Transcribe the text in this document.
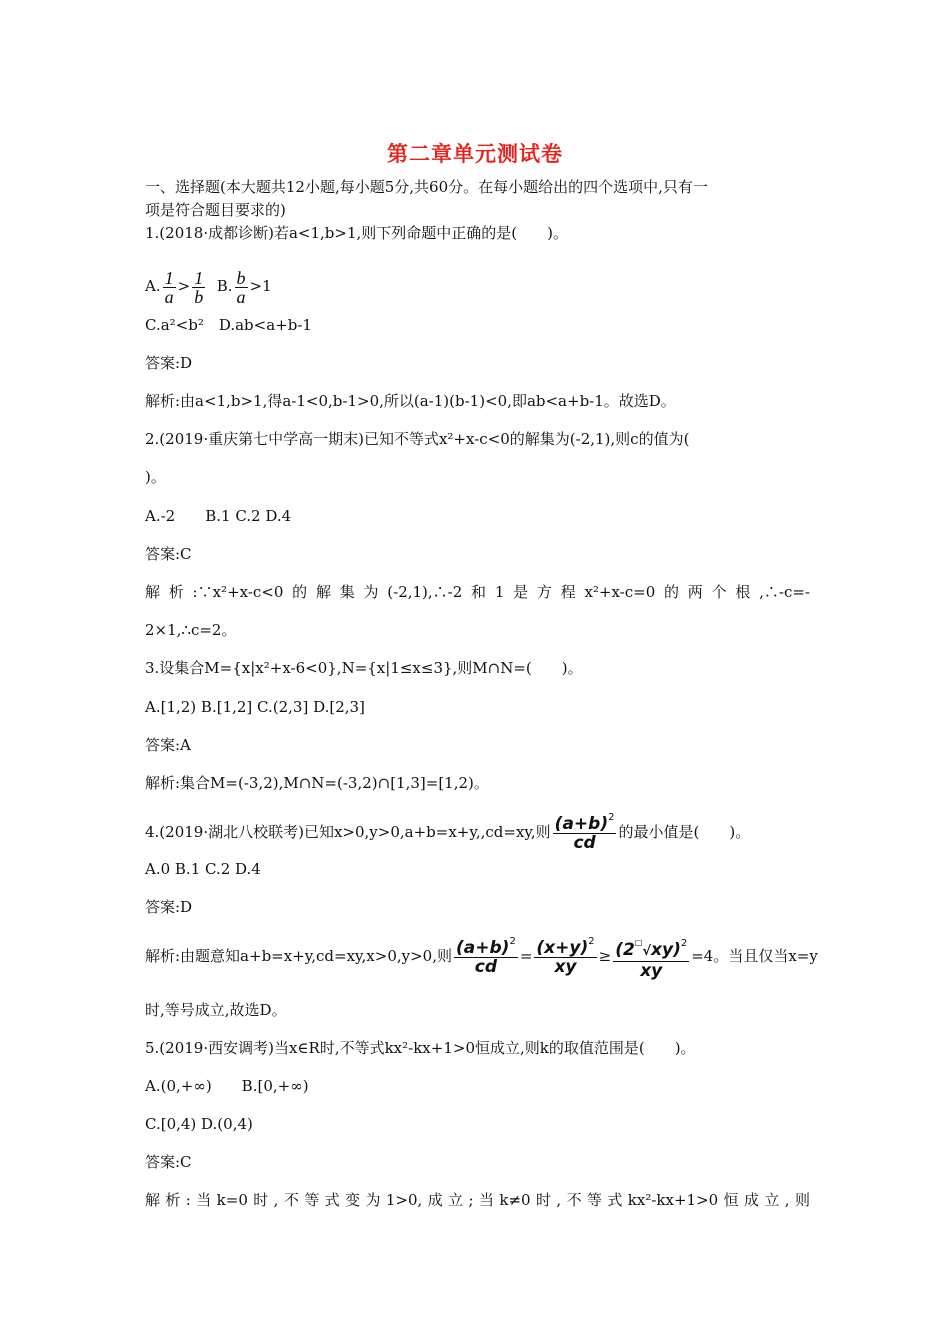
第二章单元测试卷
一、选择题(本大题共12小题,每小题5分,共60分。在每小题给出的四个选项中,只有一
项是符合题目要求的)
1.(2018·成都诊断)若a<1,b>1,则下列命题中正确的是(　　)。
A. $\frac{1}{a} > \frac{1}{b} B$. $\frac{b}{a} >1$
C.a²<b²　D.ab<a+b-1
答案:D
解析:由a<1,b>1,得a-1<0,b-1>0,所以(a-1)(b-1)<0,即ab<a+b-1。故选D。
2.(2019·重庆第七中学高一期末)已知不等式x²+x-c<0的解集为(-2,1),则c的值为(
)。
A.-2　　B.1 C.2 D.4
答案:C
解析:∵x²+x-c<0的解集为(-2,1),∴-2和1是方程x²+x-c=0的两个根,∴-c=-
2×1,∴c=2。
3.设集合M={x|x²+x-6<0},N={x|1≤x≤3},则M∩N=(　　)。
A.[1,2) B.[1,2] C.(2,3] D.[2,3]
答案:A
解析:集合M=(-3,2),M∩N=(-3,2)∩[1,3]=[1,2)。
4.(2019·湖北八校联考)已知x>0,y>0,a+b=x+y,,cd=xy,则 $\frac{(a+b)^2}{cd}$ 的最小值是(　　)。
A.0 B.1 C.2 D.4
答案:D
解析:由题意知a+b=x+y,cd=xy,x>0,y>0,则 $\frac{(a+b)^2}{cd} = \frac{(x+y)^2}{xy} \ge \frac{(2^□√xy)^2}{xy} =4$。当且仅当x=y
时,等号成立,故选D。
5.(2019·西安调考)当x∈R时,不等式kx²-kx+1>0恒成立,则k的取值范围是(　　)。
A.(0,+∞)　　B.[0,+∞)
C.[0,4) D.(0,4)
答案:C
解析:当k=0时,不等式变为1>0,成立;当k≠0时,不等式kx²-kx+1>0恒成立,则
